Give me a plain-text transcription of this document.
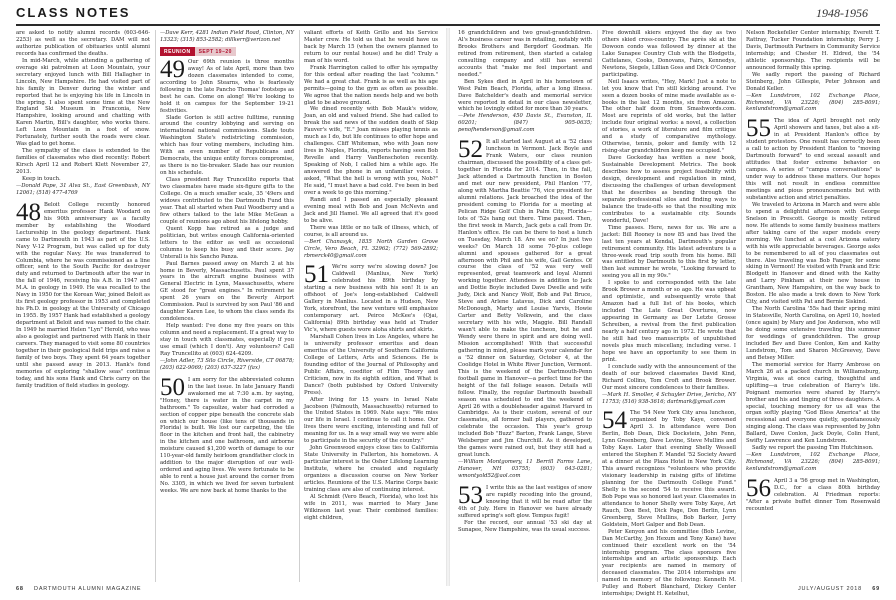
CLASS NOTES	1948-1956

are asked to notify alumni records (603-646-2253) as well as the secretary. DAM will not authorize publication of obituaries until alumni records has confirmed the deaths.

In mid-March, while attending a gathering of overage ski patrolmen at Loon Mountain, your secretary enjoyed lunch with Bill Hallagher in Lincoln, New Hampshire. He had visited part of his family in Denver during the winter and reported that he is enjoying his life in Lincoln in the spring. I also spent some time at the New England Ski Museum in Franconia, New Hampshire, looking around and chatting with Karen Martin, Bill's daughter, who works there. Left Loon Mountain in a foot of snow. Fortunately, further south the roads were clear. Was glad to get home.

The sympathy of the class is extended to the families of classmates who died recently: Robert Kirsch April 12 and Robert Klett November 27, 2013.

Keep in touch.

—Donald Pape, 31 Alva St., East Greenbush, NY 12061; (518) 477-4769

48 Beloit College recently honored emeritus professor Hank Woodard on his 90th anniversary as a faculty member by establishing the Woodard Lectureship in the geology department. Hank came to Dartmouth in 1943 as part of the U.S. Navy V-12 Program, but was called up for duty with the regular Navy. He was transferred to Columbia, where he was commissioned as a line officer, sent to the South Pacific for destroyer duty and returned to Dartmouth after the war in the fall of 1946, receiving his A.B. in 1947 and M.A. in geology in 1949. He was recalled to the Navy in 1950 for the Korean War, joined Beloit as its first geology professor in 1953 and completed his Ph.D. in geology at the University of Chicago in 1955. By 1957 Hank had established a geology department at Beloit and was named to the chair. In 1949 he married Helen "Lyn" Herold, who was also a geologist and partnered with Hank in their careers. They managed to visit some 80 countries together in their geological field trips and raise a family of two boys. They spent 64 years together until she passed away in 2013. Hank's fond memories of exploring "shallow seas" continue today, and his sons Hank and Chris carry on the family tradition of field studies in geology.

—Dave Kerr, 4281 Indian Field Road, Clinton, NY 13323; (315) 853-2582; dillkerr@verizon.net

REUNION	SEPT 19–20
49 Our 69th reunion is three months away! As of late April, more than two dozen classmates intended to come, according to John Stearns, who is fearlessly following in the late Pancho Thomas' footsteps as best he can. Come on along! We're looking to hold it on campus for the September 19-21 festivities.

Slade Gorton is still active fulltime, running around the country lobbying and serving on international national commissions. Slade touts Washington State's redistricting commission, which has four voting members, including him. With an even number of Republicans and Democrats, the unique entity forces compromise, as there is no tie-breaker. Slade has our reunion on his schedule.

Class president Ray Truncellito reports that two classmates have made six-figure gifts to the College. On a much smaller scale, 35 '49ers and widows contributed to the Dartmouth Fund this year. That all started when Paul Woodberry and a few others talked to the late Mike McGean a couple of reunions ago about his lifelong hobby.

Quent Kopp has retired as a judge and politician, but writes enough California-oriented letters to the editor as well as occasional columns to keep his busy and their score. Jay Unterall is his Sancho Panza.

Paul Barnes passed away on March 2 at his home in Beverly, Massachusetts. Paul spent 37 years in the aircraft engine business with General Electric in Lynn, Massachusetts, where GE stood for "great engines." In retirement he spent 26 years on the Beverly Airport Commission. Paul is survived by son Paul '86 and daughter Karen Lee, to whom the class sends its condolences.

Help wanted: I've done my five years on this column and need a replacement. If a great way to stay in touch with classmates, especially if you use email (which I don't). Any volunteers? Call Ray Truncellito at (603) 624-4209.

—John Adler, 73 Silo Circle, Riverside, CT 06878; (203) 622-9069; (203) 637-3227 (fax)

50 I am sorry for the abbreviated column in the last issue. In late January Randi awakened me at 7:30 a.m. by saying, "Honey, there is water in the carpet in my bathroom." To capsulize, water had corroded a section of copper pipe beneath the concrete slab on which our house (like tens of thousands in Florida) is built. We lost our carpeting, the tile floor in the kitchen and front hall, the cabinetry in the kitchen and one bathroom, and airborne moisture caused $1,200 worth of damage to our 110-year-old family heirloom grandfather clock in addition to the major disruption of our well-ordered and aging lives. We were fortunate to be able to rent a house just around the corner from No. 3305, in which we lived for seven turbulent weeks. We are now back at home thanks to the

valiant efforts of Keith Grillo and his Service Master crew. He told us that he would have us back by March 15 (when the owners planned to return to our rental house) and he did! Truly a man of his word.

Frank Harrington called to offer his sympathy for this ordeal after reading the last "column." We had a great chat. Frank is as well as his age permits—going to the gym as often as possible. We agree that the nation needs help and we both glad to be above ground.

We dined recently with Bob Mauk's widow, Joan, an old and valued friend. She had called to break the sad news of the sudden death of Skip Fauver's wife, "E." Joan misses playing tennis as much as I do, but life continues to offer hope and challenges. Cliff Whiteman, who with Joan now lives in Naples, Florida, reports having seen Bob Revelle and Harry VanBenschoten recently. Speaking of Nob, I called him a while ago. He answered the phone in an unfamiliar voice. I asked, "What the hell is wrong with you, Nob?" He said, "I must have a bad cold. I've been in bed over a week to go this morning."

Randi and I passed an especially pleasant evening meal with Bob and Joan McNevin and Jack and Jill Hamel. We all agreed that it's good to be alive.

There was little or no talk of illness, which, of course, is all around us.

—Bert Chanasyk, 1835 North Garden Grove Circle, Vero Beach, FL 32962; (772) 569-2892; rbmerck40@gmail.com

51 We're sorry we're slowing down? Joe Caldwell (Manlius, New York) celebrated his 89th birthday by starting a new business with his son! It is an offshoot of Joe's long-established Caldwell Gallery in Manlius. Located in a Hudson, New York, storefront, the new venture will emphasize contemporary art. Peirce McKee's (Ojai, California) 89th birthday was held at Trader Vic's, where guests wore aloha shirts and skirts.

Marshall Cohen lives in Los Angeles, where he is university professor emeritus and dean emeritus of the University of Southern California College of Letters, Arts and Sciences. He is founding editor of the Journal of Philosophy and Public Affairs, coeditor of Film Theory and Criticism, now in its eighth edition, and What is Dance? (both published by Oxford University Press).

After living for 15 years in Israel Nate Jacobson (Falmouth, Massachusetts) returned to the United States in 1969. Nate says: "We miss our life in Israel. I continue to call it home. Our lives there were exciting, interesting and full of meaning for us. In a way small way we were able to participate in the security of the country."

John Greenwood enjoys close ties to California State University in Fullerton, his hometown. A particular interest is the Osher Lifelong Learning Institute, where he created and regularly organizes a discussion course on New Yorker articles. Reunions of the U.S. Marine Corps basic training class are also of continuing interest.

Al Schmidt (Vero Beach, Florida), who lost his wife in 2011, was married to Mary Jane Wilkinson last year. Their combined families: eight children,

16 grandchildren and two great-grandchildren. Al's business career was in retailing, notably with Brooks Brothers and Bergdorf Goodman. He retired from retirement, then started a catalog consulting company and still has several accounts that "make me feel important and needed."

Ben Sykes died in April in his hometown of West Palm Beach, Florida, after a long illness. Dave Batchelder's death and memorial service were reported in detail in our class newsletter, which he lovingly edited for more than 30 years.

—Pete Henderson, 450 Davis St., Evanston, IL 60201; (847) 905-0635; penofhenderson@gmail.com

52 It all started last August at a '52 class luncheon in Vermont. Jack Boyle and Frank Waters, our class reunion chairman, discussed the possibility of a class get-together in Florida for 2014. Then, in the fall, Jack attended a Dartmouth function in Boston and met our new president, Phil Hanlon '77, along with Martha Beattie '76, vice president for alumni relations. Jack broached the idea of the president coming to Florida for a meeting at Pelican Ridge Golf Club in Palm City, Florida—lots of '52s hang out there. Time passed. Then, the first week in March, Jack gets a call from Dr. Hanlon's office. He can be there to host a lunch on Tuesday, March 18. Are we on? In just two weeks? On March 18 some 70-plus college alumni and spouses gathered for a great afternoon with Phil and his wife, Gail Gentes. Of course the class of '52 was very well represented, great teamwork and loyal Alumni working together. Attendees in addition to Jack and Dottie Boyle included Dave Dwelle and wife Judy, Dick and Nancy Wolf, Bob and Pat Bruce, Steve and Arlene Latavus, Dick and Caroline McDonough, Marty and Louise Yarvis, Howie Carter and Betty Volkwein, and the class secretary with his wife, Maggie. Bill Randall wasn't able to make the luncheon, but he and Wendy were there in spirit and are doing well. Mission accomplished! With that successful gathering in mind, please mark your calendar for a '52 dinner on Saturday, October 4, at the Coolidge Hotel in White River Junction, Vermont. This is the weekend of the Dartmouth-Penn football game in Hanover—a perfect time for the height of the fall foliage season. Details will follow. Finally, the regular Dartmouth baseball season was scheduled to end the weekend of April 26 with a doubleheader against Harvard in Cambridge. As is their custom, several of our classmates, all former ball players, gathered to celebrate the occasion. This year's group included Bob "Buzz" Barton, Frank Lange, Steve Welsberger and Jim Churchill. As it developed, the games were rained out, but they still had a great lunch.

—William Montgomery, 11 Berrill Farms Lane, Hanover, NH 03755; (603) 643-0281; wmontyold52@aol.com

53 I write this as the last vestiges of snow are rapidly receding into the ground, knowing that it will be read after the 4th of July. Here in Hanover we have already suffered spring's soft glow. Tempus fugit!

For the record, our annual '53 ski day at Sunapee, New Hampshire, was its usual success.

Five downhill skiers enjoyed the day as two others skied cross-country. The après ski at the Dowoon condo was followed by dinner at the Lake Sunapee Country Club with the Blodgetts, Cattelanes, Cooks, Donovans, Fairs, Kennedys, Newtons, Siegels, Lillian Goss and Dick O'Connor participating.

Neil Isaacs writes, "Hey, Mark! Just a note to let you know that I'm still kicking around. I've seen a dozen books of mine made available as e-books in the last 12 months, six from Amazon. The other half doom from Smashwords.com. Most are reprints of old works, but the latter include four original works: a novel, a collection of stories, a work of literature and film critique and a study of comparative mythology. Otherwise, tennis, poker and family with 12 rising-star grandchildren keep me occupied."

Dave Gockeday has written a new book, Sustainable Development Metrics. The book describes how to assess project feasibility with design, development and regulation in mind, discussing the challenges of urban development that he describes as bending through the separate professional silos and finding ways to balance the trade-offs so that the resulting mix contributes to a sustainable city. Sounds wonderful, Dave!

Time passes. Here, news for us. We are a jacket: Bill Rooney is now 85 and has lived the last ten years at Kendal, Dartmouth's popular retirement community. His latest adventure is a three-week road trip south from his home. Bill was entitled by Dartmouth to this first by letter, then last summer he wrote, "Looking forward to seeing you all in my 90s."

I spoke to and corresponded with the late Brook Brower a month or so ago. He was upbeat and optimistic, and subsequently wrote that Amazon had a full list of his books, which included The Late Great Overtures, now appearing in Germany as Der Letzte Grosse Schreiben, a revival from the first publication nearly a half century ago in 1972. He wrote that he still had two manuscripts of unpublished novels plus much miscellany, including verse. I hope we have an opportunity to see them in print.

I conclude sadly with the announcement of the death of our beloved classmates David Kind, Richard Collins, Tom Croft and Brook Brower. Our most sincere condolences to their families.

—Mark H. Smoller, 4 Schuyler Drive, Jericho, NY 11753; (516) 938-3616; dartmark@gmail.com

54 The '54 New York City area luncheon, organized by Toby Kaye, convened April 3. In attendance were Don Berlin, Bob Dean, Dick Dockstein, John Fenn, Lynn Greenberg, Dave Levine, Steve Mullins and Toby Kaye. Later that evening Shelly Wessell entered the Stephen F. Mandel '52 Society Award at a dinner at the Plaza Hotel in New York City. This award recognizes "volunteers who provide visionary leadership in raising gifts of lifetime planning for the Dartmouth College Fund." Shelly is the second '54 to receive this award. Bob Pope was so honored last year. Classmates in attendance to honor Shelly were Toby Kaye, Art Rauch, Don Best, Dick Page, Don Berlin, Lynn Greenberg, Steve Mullins, Bob Barker, Jerry Goldstein, Mort Galper and Bob Dean.

Peter Kenyon and his committee (Bob Levine, Dan McCarthy, Jon Hexum and Tony Kane) have continued their excellent work on the '54 internship program. The class sponsors five internships and an artistic sponsorship. Each year recipients are named in memory of deceased classmates. The 2014 internships are named in memory of the following: Kenneth M. Pulley and Robert Blanchard, Dickey Center internships; Dwight H. Ketelhut,

Nelson Rockefeller Center internship; Everett T. Rattray, Tucker Foundation internship; Perry J. Davis, Dartmouth Partners in Community Service internship; and Chester H. Eldred, the '54 athletic sponsorship. The recipients will be announced formally this spring.

We sadly report the passing of Richard Steinberg, John Gillespie, Peter Johnson and Donald Keller.

—Ken Lundstrom, 102 Exchange Place, Richmond, VA 23226; (804) 285-8091; kenlundstrom@gmail.com

55 The idea of April brought not only April showers and taxes, but also a sit-in at President Hanlon's office by student protestors. One result has correctly been a call to action by President Hanlon to "moving Dartmouth forward" to end sexual assault and attitudes that foster extreme behavior on campus. A series of "campus conversations" is under way to address these matters. Our hopes this will not result in endless committee meetings and pious pronouncements but with substantive action and strict penalties.

We traveled to Arizona in March and were able to spend a delightful afternoon with George Snelson in Prescott. George is mostly retired now. He attends to some family business matters after taking care of the super models every morning. We lunched at a cool Arizona eatery with his wife appreciable beverages. George asks to be remembered to all of you classmates out there. Also traveling was Bob Fanger, for some skiing in Vermont! He visited with Frank and Eric Blodgett in Hanover and dined with the Kathy and Larry Pinkham at their new house in Grantham, New Hampshire, on the way back to Boston. He also made a trek down to New York City, and visited with Pat and Bernie Siskind.

The North Carolina '55s had their spring mini in Statesville, North Carolina, on April 10, hosted (once again) by Mary and Joe Anderson, who will be doing some extensive traveling this summer for weddings of grandchildren. The group included Bev and Dave Conlon, Ken and Kathy Lundstrom, Tom and Sharon McGreevey, Dave and Betsey Miller.

The memorial service for Harry Ambrose on March 26 at a packed church in Williamsburg, Virginia, was at once caring, thoughtful and uplifting—a true celebration of Harry's life. Poignant memories were shared by Harry's brother and his and tinging of three daughters. A special, touching memory for us all was the organ softly playing "God Bless America" at the recessional and everyone quietly, spontaneously singing along. The class was represented by John Ballard, Dave Conlon, Jack Doyle, Colin Hunt, Swifty Lawrence and Ken Lundstrom.

Sadly we report the passing Tim Hutchinson.

—Ken Lundstrom, 102 Exchange Place, Richmond, VA 23226; (804) 285-8091; kenlundstrom@gmail.com

56 April 3 a '56 group met in Washington, D.C., for a class 80th birthday celebration. Al Friedman reports: "After a private buffet dinner Tom Rosenwald recounted

68 DARTMOUTH ALUMNI MAGAZINE	JULY/AUGUST 2018 69
